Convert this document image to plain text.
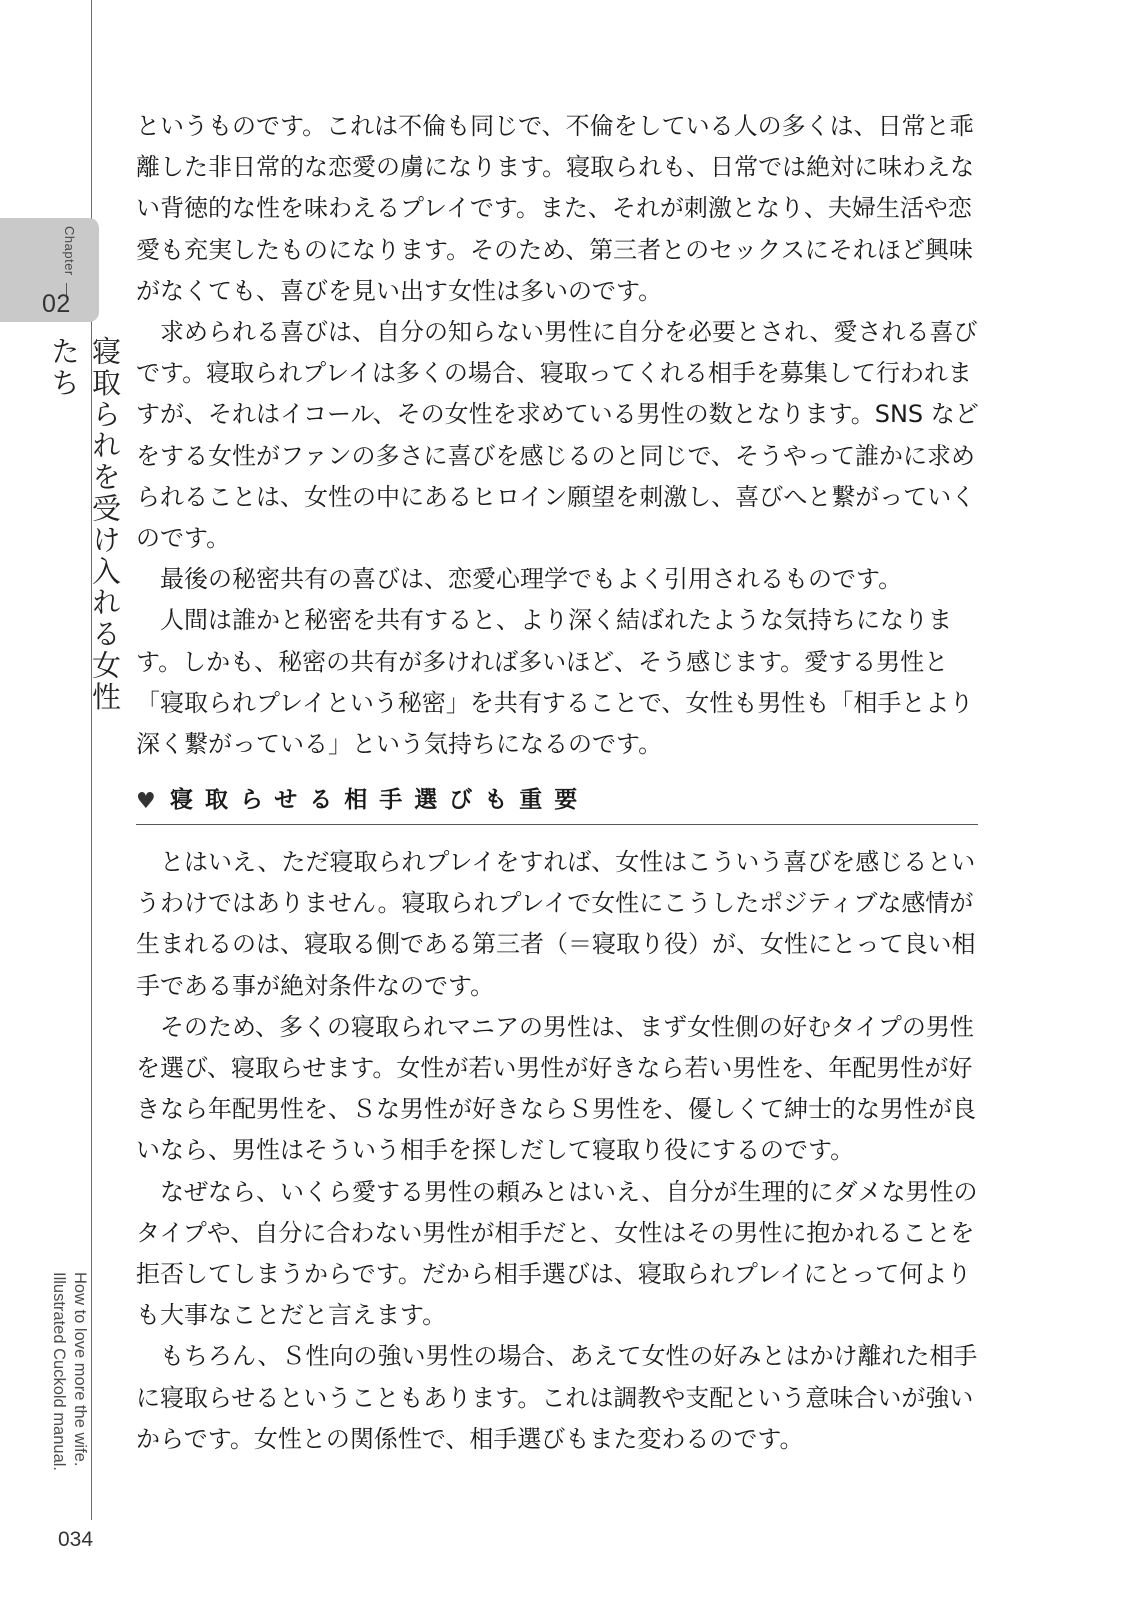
Chapter
02
寝取られを受け入れる女性たち
How to love more the wife.
Illustrated Cuckold manual.
034

というものです。これは不倫も同じで、不倫をしている人の多くは、日常と乖離した非日常的な恋愛の虜になります。寝取られも、日常では絶対に味わえない背徳的な性を味わえるプレイです。また、それが刺激となり、夫婦生活や恋愛も充実したものになります。そのため、第三者とのセックスにそれほど興味がなくても、喜びを見い出す女性は多いのです。

求められる喜びは、自分の知らない男性に自分を必要とされ、愛される喜びです。寝取られプレイは多くの場合、寝取ってくれる相手を募集して行われますが、それはイコール、その女性を求めている男性の数となります。SNS などをする女性がファンの多さに喜びを感じるのと同じで、そうやって誰かに求められることは、女性の中にあるヒロイン願望を刺激し、喜びへと繋がっていくのです。

最後の秘密共有の喜びは、恋愛心理学でもよく引用されるものです。

人間は誰かと秘密を共有すると、より深く結ばれたような気持ちになります。しかも、秘密の共有が多ければ多いほど、そう感じます。愛する男性と「寝取られプレイという秘密」を共有することで、女性も男性も「相手とより深く繋がっている」という気持ちになるのです。

♥ 寝取らせる相手選びも重要

とはいえ、ただ寝取られプレイをすれば、女性はこういう喜びを感じるというわけではありません。寝取られプレイで女性にこうしたポジティブな感情が生まれるのは、寝取る側である第三者（＝寝取り役）が、女性にとって良い相手である事が絶対条件なのです。

そのため、多くの寝取られマニアの男性は、まず女性側の好むタイプの男性を選び、寝取らせます。女性が若い男性が好きなら若い男性を、年配男性が好きなら年配男性を、Ｓな男性が好きならＳ男性を、優しくて紳士的な男性が良いなら、男性はそういう相手を探しだして寝取り役にするのです。

なぜなら、いくら愛する男性の頼みとはいえ、自分が生理的にダメな男性のタイプや、自分に合わない男性が相手だと、女性はその男性に抱かれることを拒否してしまうからです。だから相手選びは、寝取られプレイにとって何よりも大事なことだと言えます。

もちろん、Ｓ性向の強い男性の場合、あえて女性の好みとはかけ離れた相手に寝取らせるということもあります。これは調教や支配という意味合いが強いからです。女性との関係性で、相手選びもまた変わるのです。
